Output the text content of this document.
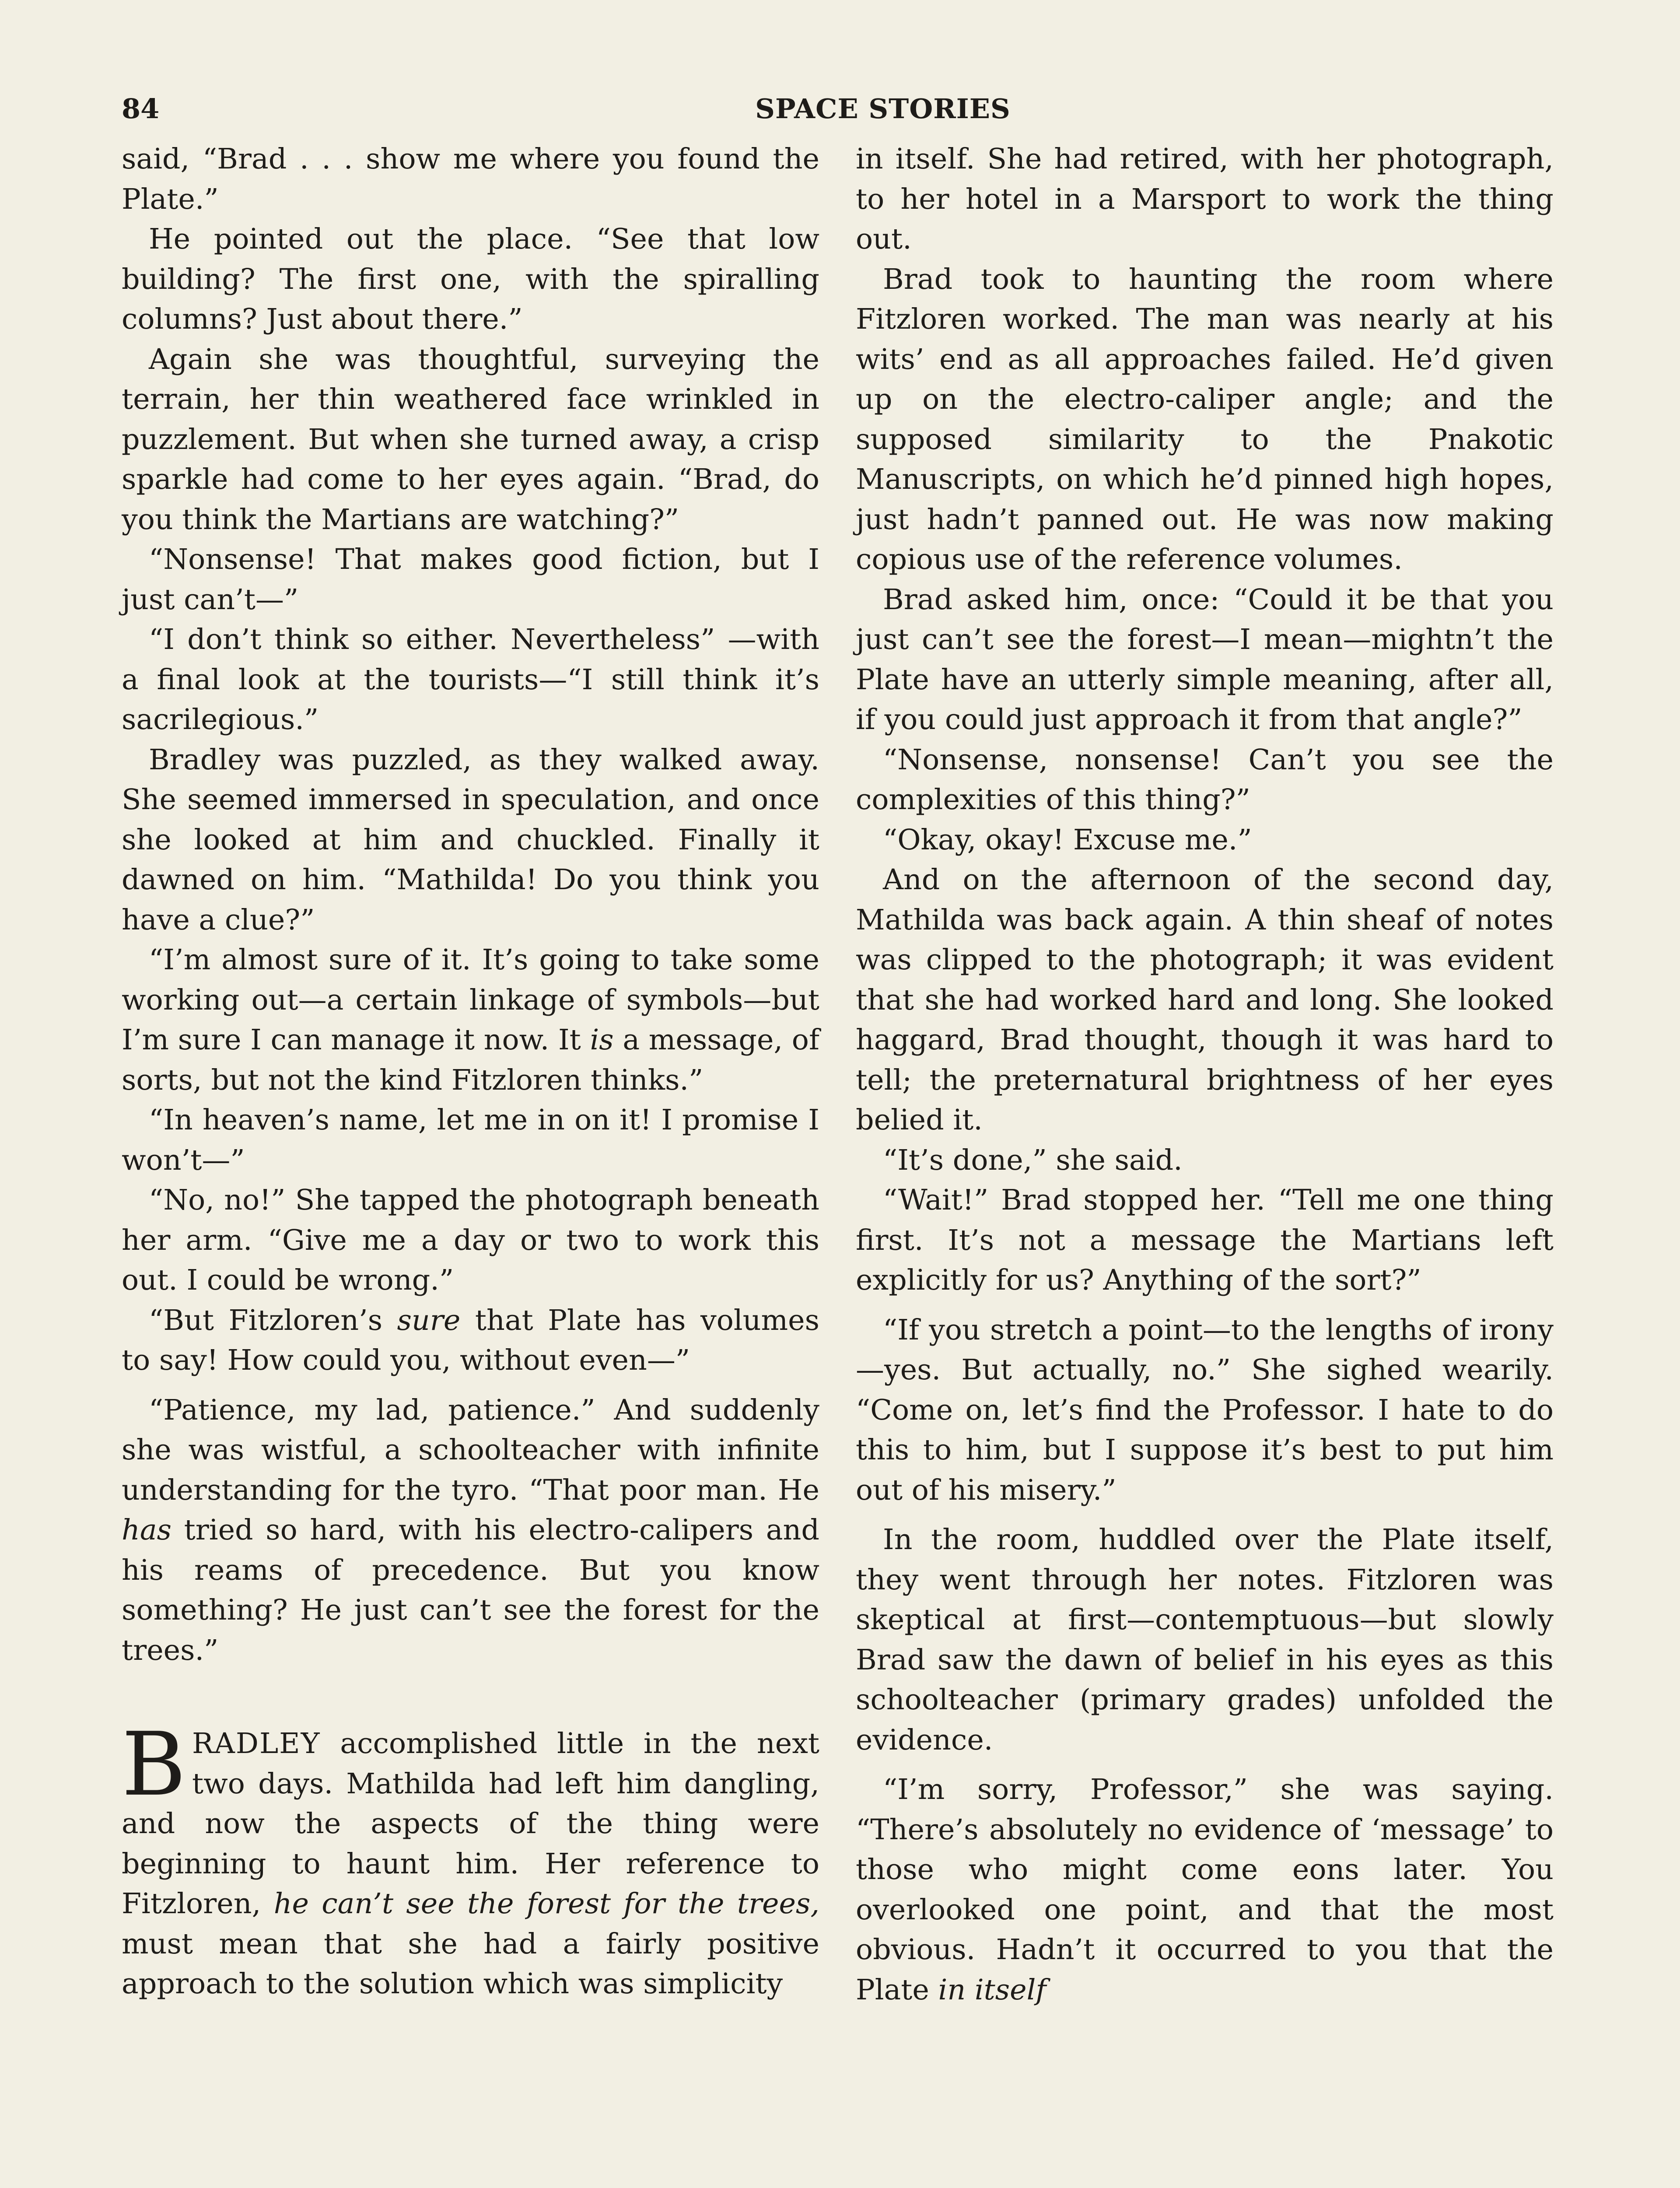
84	SPACE STORIES

said, “Brad . . . show me where you found the Plate.”

He pointed out the place. “See that low building? The first one, with the spiralling columns? Just about there.”

Again she was thoughtful, surveying the terrain, her thin weathered face wrinkled in puzzlement. But when she turned away, a crisp sparkle had come to her eyes again. “Brad, do you think the Martians are watching?”

“Nonsense! That makes good fiction, but I just can’t—”

“I don’t think so either. Nevertheless” —with a final look at the tourists—“I still think it’s sacrilegious.”

Bradley was puzzled, as they walked away. She seemed immersed in speculation, and once she looked at him and chuckled. Finally it dawned on him. “Mathilda! Do you think you have a clue?”

“I’m almost sure of it. It’s going to take some working out—a certain linkage of symbols—but I’m sure I can manage it now. It is a message, of sorts, but not the kind Fitzloren thinks.”

“In heaven’s name, let me in on it! I promise I won’t—”

“No, no!” She tapped the photograph beneath her arm. “Give me a day or two to work this out. I could be wrong.”

“But Fitzloren’s sure that Plate has volumes to say! How could you, without even—”

“Patience, my lad, patience.” And suddenly she was wistful, a schoolteacher with infinite understanding for the tyro. “That poor man. He has tried so hard, with his electro-calipers and his reams of precedence. But you know something? He just can’t see the forest for the trees.”

BRADLEY accomplished little in the next two days. Mathilda had left him dangling, and now the aspects of the thing were beginning to haunt him. Her reference to Fitzloren, he can’t see the forest for the trees, must mean that she had a fairly positive approach to the solution which was simplicity

in itself. She had retired, with her photograph, to her hotel in a Marsport to work the thing out.

Brad took to haunting the room where Fitzloren worked. The man was nearly at his wits’ end as all approaches failed. He’d given up on the electro-caliper angle; and the supposed similarity to the Pnakotic Manuscripts, on which he’d pinned high hopes, just hadn’t panned out. He was now making copious use of the reference volumes.

Brad asked him, once: “Could it be that you just can’t see the forest—I mean—mightn’t the Plate have an utterly simple meaning, after all, if you could just approach it from that angle?”

“Nonsense, nonsense! Can’t you see the complexities of this thing?”

“Okay, okay! Excuse me.”

And on the afternoon of the second day, Mathilda was back again. A thin sheaf of notes was clipped to the photograph; it was evident that she had worked hard and long. She looked haggard, Brad thought, though it was hard to tell; the preternatural brightness of her eyes belied it.

“It’s done,” she said.

“Wait!” Brad stopped her. “Tell me one thing first. It’s not a message the Martians left explicitly for us? Anything of the sort?”

“If you stretch a point—to the lengths of irony—yes. But actually, no.” She sighed wearily. “Come on, let’s find the Professor. I hate to do this to him, but I suppose it’s best to put him out of his misery.”

In the room, huddled over the Plate itself, they went through her notes. Fitzloren was skeptical at first—contemptuous—but slowly Brad saw the dawn of belief in his eyes as this schoolteacher (primary grades) unfolded the evidence.

“I’m sorry, Professor,” she was saying. “There’s absolutely no evidence of ‘message’ to those who might come eons later. You overlooked one point, and that the most obvious. Hadn’t it occurred to you that the Plate in itself
